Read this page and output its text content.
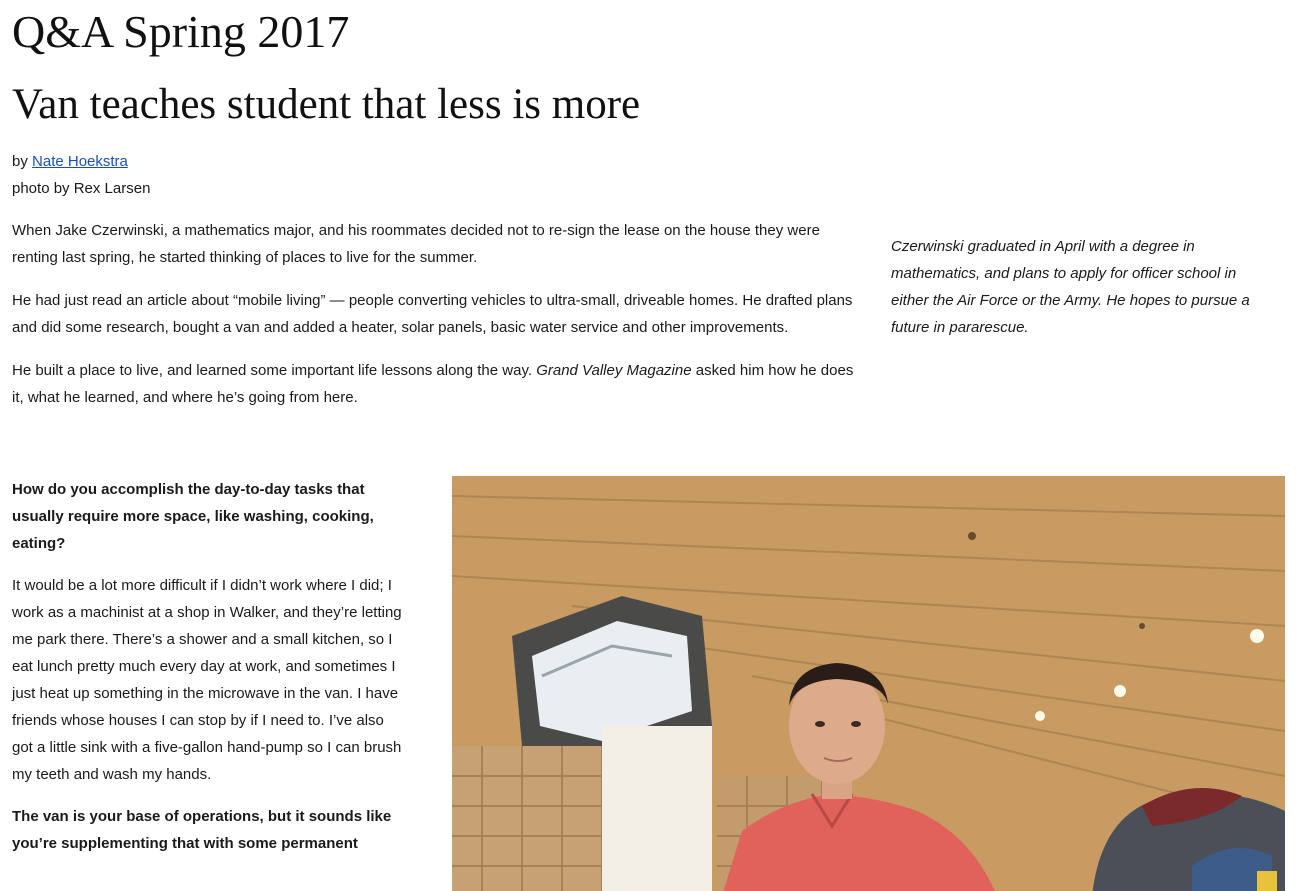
Q&A Spring 2017
Van teaches student that less is more
by Nate Hoekstra
photo by Rex Larsen

When Jake Czerwinski, a mathematics major, and his roommates decided not to re-sign the lease on the house they were renting last spring, he started thinking of places to live for the summer.

He had just read an article about “mobile living” — people converting vehicles to ultra-small, driveable homes. He drafted plans and did some research, bought a van and added a heater, solar panels, basic water service and other improvements.

He built a place to live, and learned some important life lessons along the way. Grand Valley Magazine asked him how he does it, what he learned, and where he’s going from here.

Czerwinski graduated in April with a degree in mathematics, and plans to apply for officer school in either the Air Force or the Army. He hopes to pursue a future in pararescue.

How do you accomplish the day-to-day tasks that usually require more space, like washing, cooking, eating?

It would be a lot more difficult if I didn’t work where I did; I work as a machinist at a shop in Walker, and they’re letting me park there. There’s a shower and a small kitchen, so I eat lunch pretty much every day at work, and sometimes I just heat up something in the microwave in the van. I have friends whose houses I can stop by if I need to. I’ve also got a little sink with a five-gallon hand-pump so I can brush my teeth and wash my hands.

The van is your base of operations, but it sounds like you’re supplementing that with some permanent
